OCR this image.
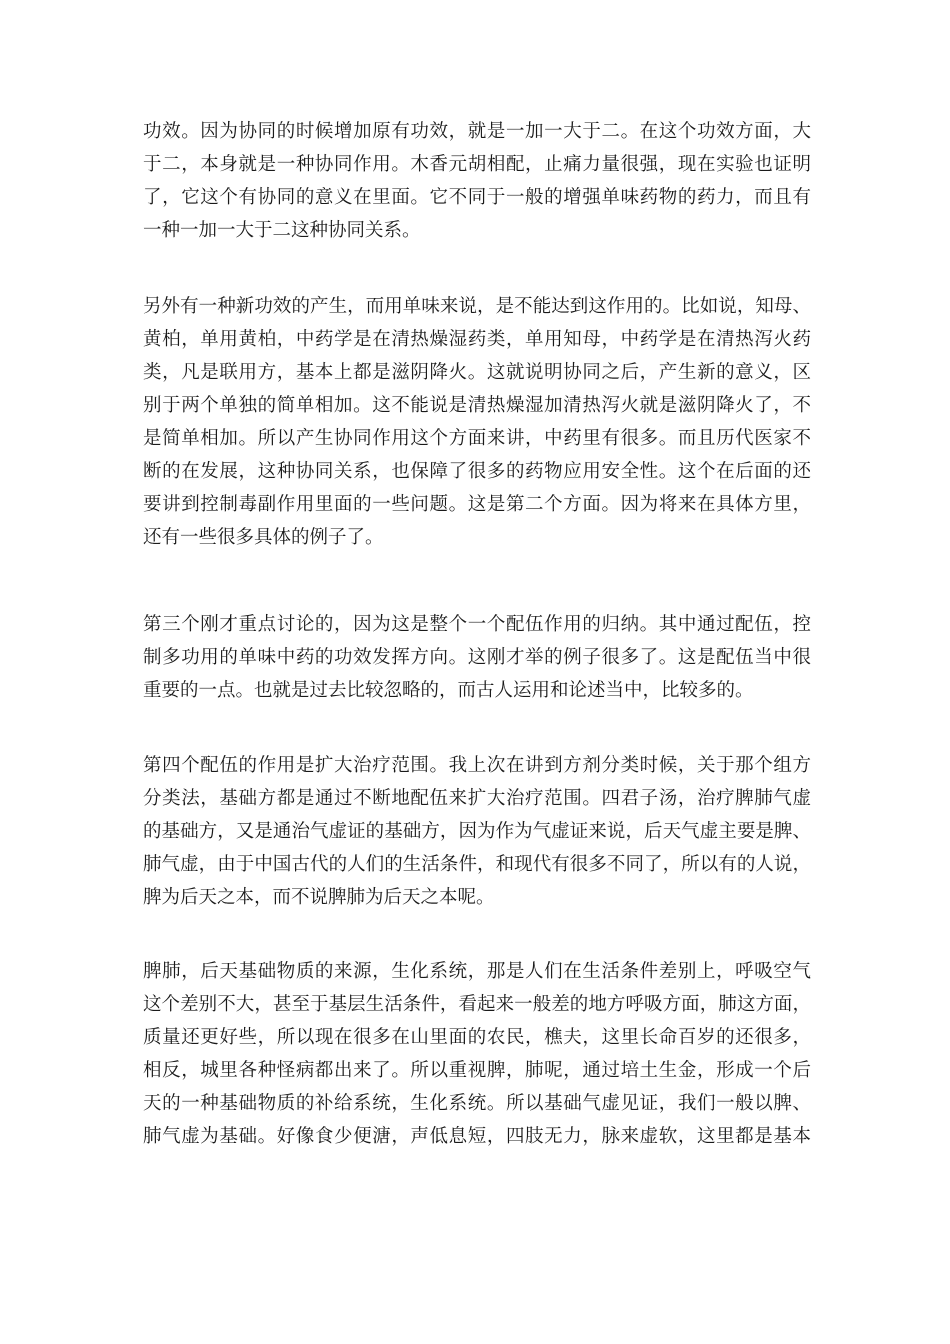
功效。因为协同的时候增加原有功效，就是一加一大于二。在这个功效方面，大
于二，本身就是一种协同作用。木香元胡相配，止痛力量很强，现在实验也证明
了，它这个有协同的意义在里面。它不同于一般的增强单味药物的药力，而且有
一种一加一大于二这种协同关系。
另外有一种新功效的产生，而用单味来说，是不能达到这作用的。比如说，知母、
黄柏，单用黄柏，中药学是在清热燥湿药类，单用知母，中药学是在清热泻火药
类，凡是联用方，基本上都是滋阴降火。这就说明协同之后，产生新的意义，区
别于两个单独的简单相加。这不能说是清热燥湿加清热泻火就是滋阴降火了，不
是简单相加。所以产生协同作用这个方面来讲，中药里有很多。而且历代医家不
断的在发展，这种协同关系，也保障了很多的药物应用安全性。这个在后面的还
要讲到控制毒副作用里面的一些问题。这是第二个方面。因为将来在具体方里，
还有一些很多具体的例子了。
第三个刚才重点讨论的，因为这是整个一个配伍作用的归纳。其中通过配伍，控
制多功用的单味中药的功效发挥方向。这刚才举的例子很多了。这是配伍当中很
重要的一点。也就是过去比较忽略的，而古人运用和论述当中，比较多的。
第四个配伍的作用是扩大治疗范围。我上次在讲到方剂分类时候，关于那个组方
分类法，基础方都是通过不断地配伍来扩大治疗范围。四君子汤，治疗脾肺气虚
的基础方，又是通治气虚证的基础方，因为作为气虚证来说，后天气虚主要是脾、
肺气虚，由于中国古代的人们的生活条件，和现代有很多不同了，所以有的人说，
脾为后天之本，而不说脾肺为后天之本呢。
脾肺，后天基础物质的来源，生化系统，那是人们在生活条件差别上，呼吸空气
这个差别不大，甚至于基层生活条件，看起来一般差的地方呼吸方面，肺这方面，
质量还更好些，所以现在很多在山里面的农民，樵夫，这里长命百岁的还很多，
相反，城里各种怪病都出来了。所以重视脾，肺呢，通过培土生金，形成一个后
天的一种基础物质的补给系统，生化系统。所以基础气虚见证，我们一般以脾、
肺气虚为基础。好像食少便溏，声低息短，四肢无力，脉来虚软，这里都是基本
